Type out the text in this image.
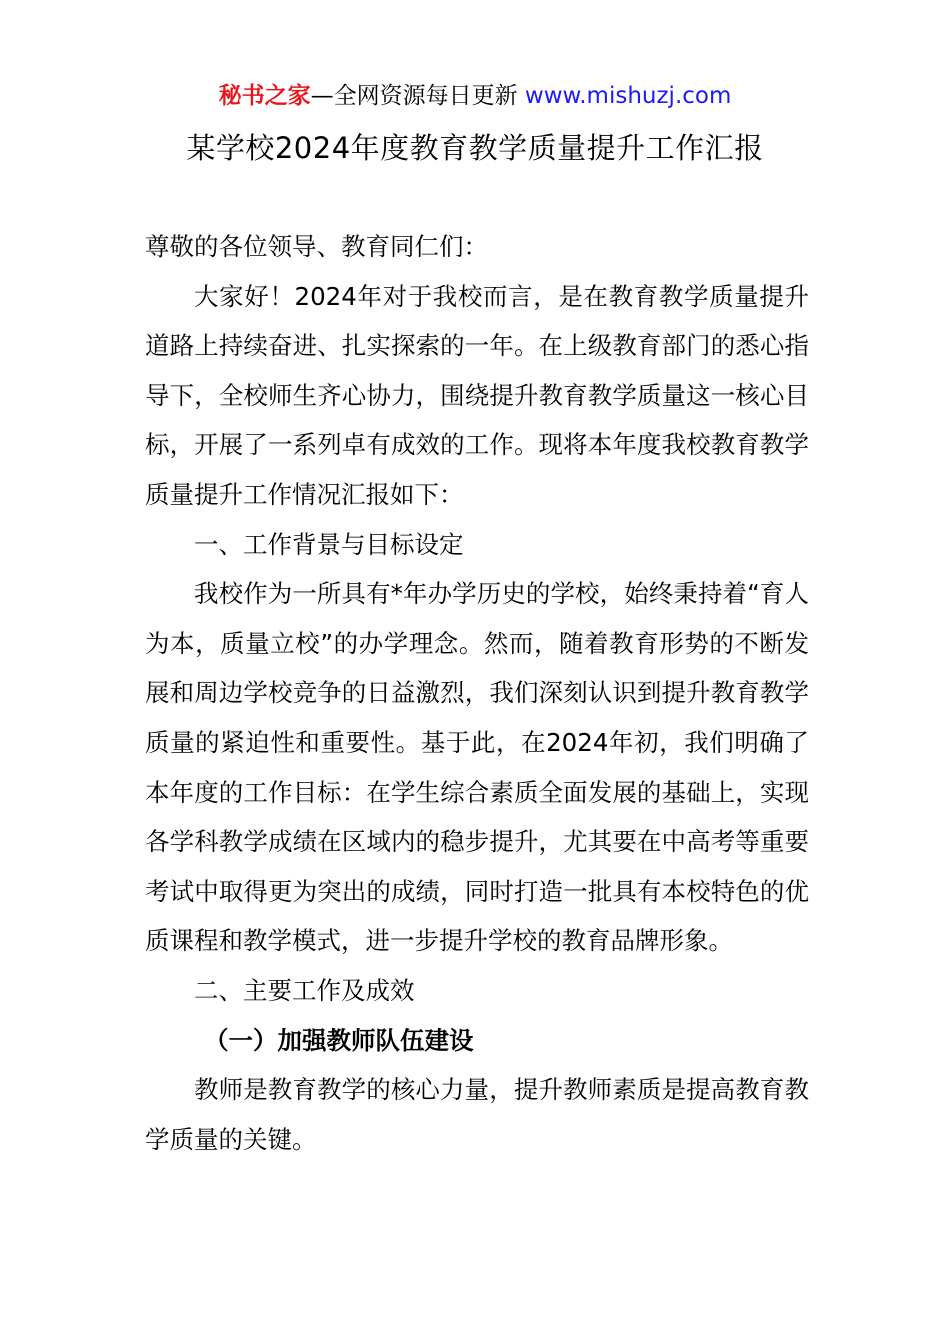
秘书之家—全网资源每日更新 www.mishuzj.com
某学校2024年度教育教学质量提升工作汇报

尊敬的各位领导、教育同仁们：

大家好！2024年对于我校而言，是在教育教学质量提升道路上持续奋进、扎实探索的一年。在上级教育部门的悉心指导下，全校师生齐心协力，围绕提升教育教学质量这一核心目标，开展了一系列卓有成效的工作。现将本年度我校教育教学质量提升工作情况汇报如下：

一、工作背景与目标设定

我校作为一所具有*年办学历史的学校，始终秉持着“育人为本，质量立校”的办学理念。然而，随着教育形势的不断发展和周边学校竞争的日益激烈，我们深刻认识到提升教育教学质量的紧迫性和重要性。基于此，在2024年初，我们明确了本年度的工作目标：在学生综合素质全面发展的基础上，实现各学科教学成绩在区域内的稳步提升，尤其要在中高考等重要考试中取得更为突出的成绩，同时打造一批具有本校特色的优质课程和教学模式，进一步提升学校的教育品牌形象。

二、主要工作及成效

（一）加强教师队伍建设

教师是教育教学的核心力量，提升教师素质是提高教育教学质量的关键。
